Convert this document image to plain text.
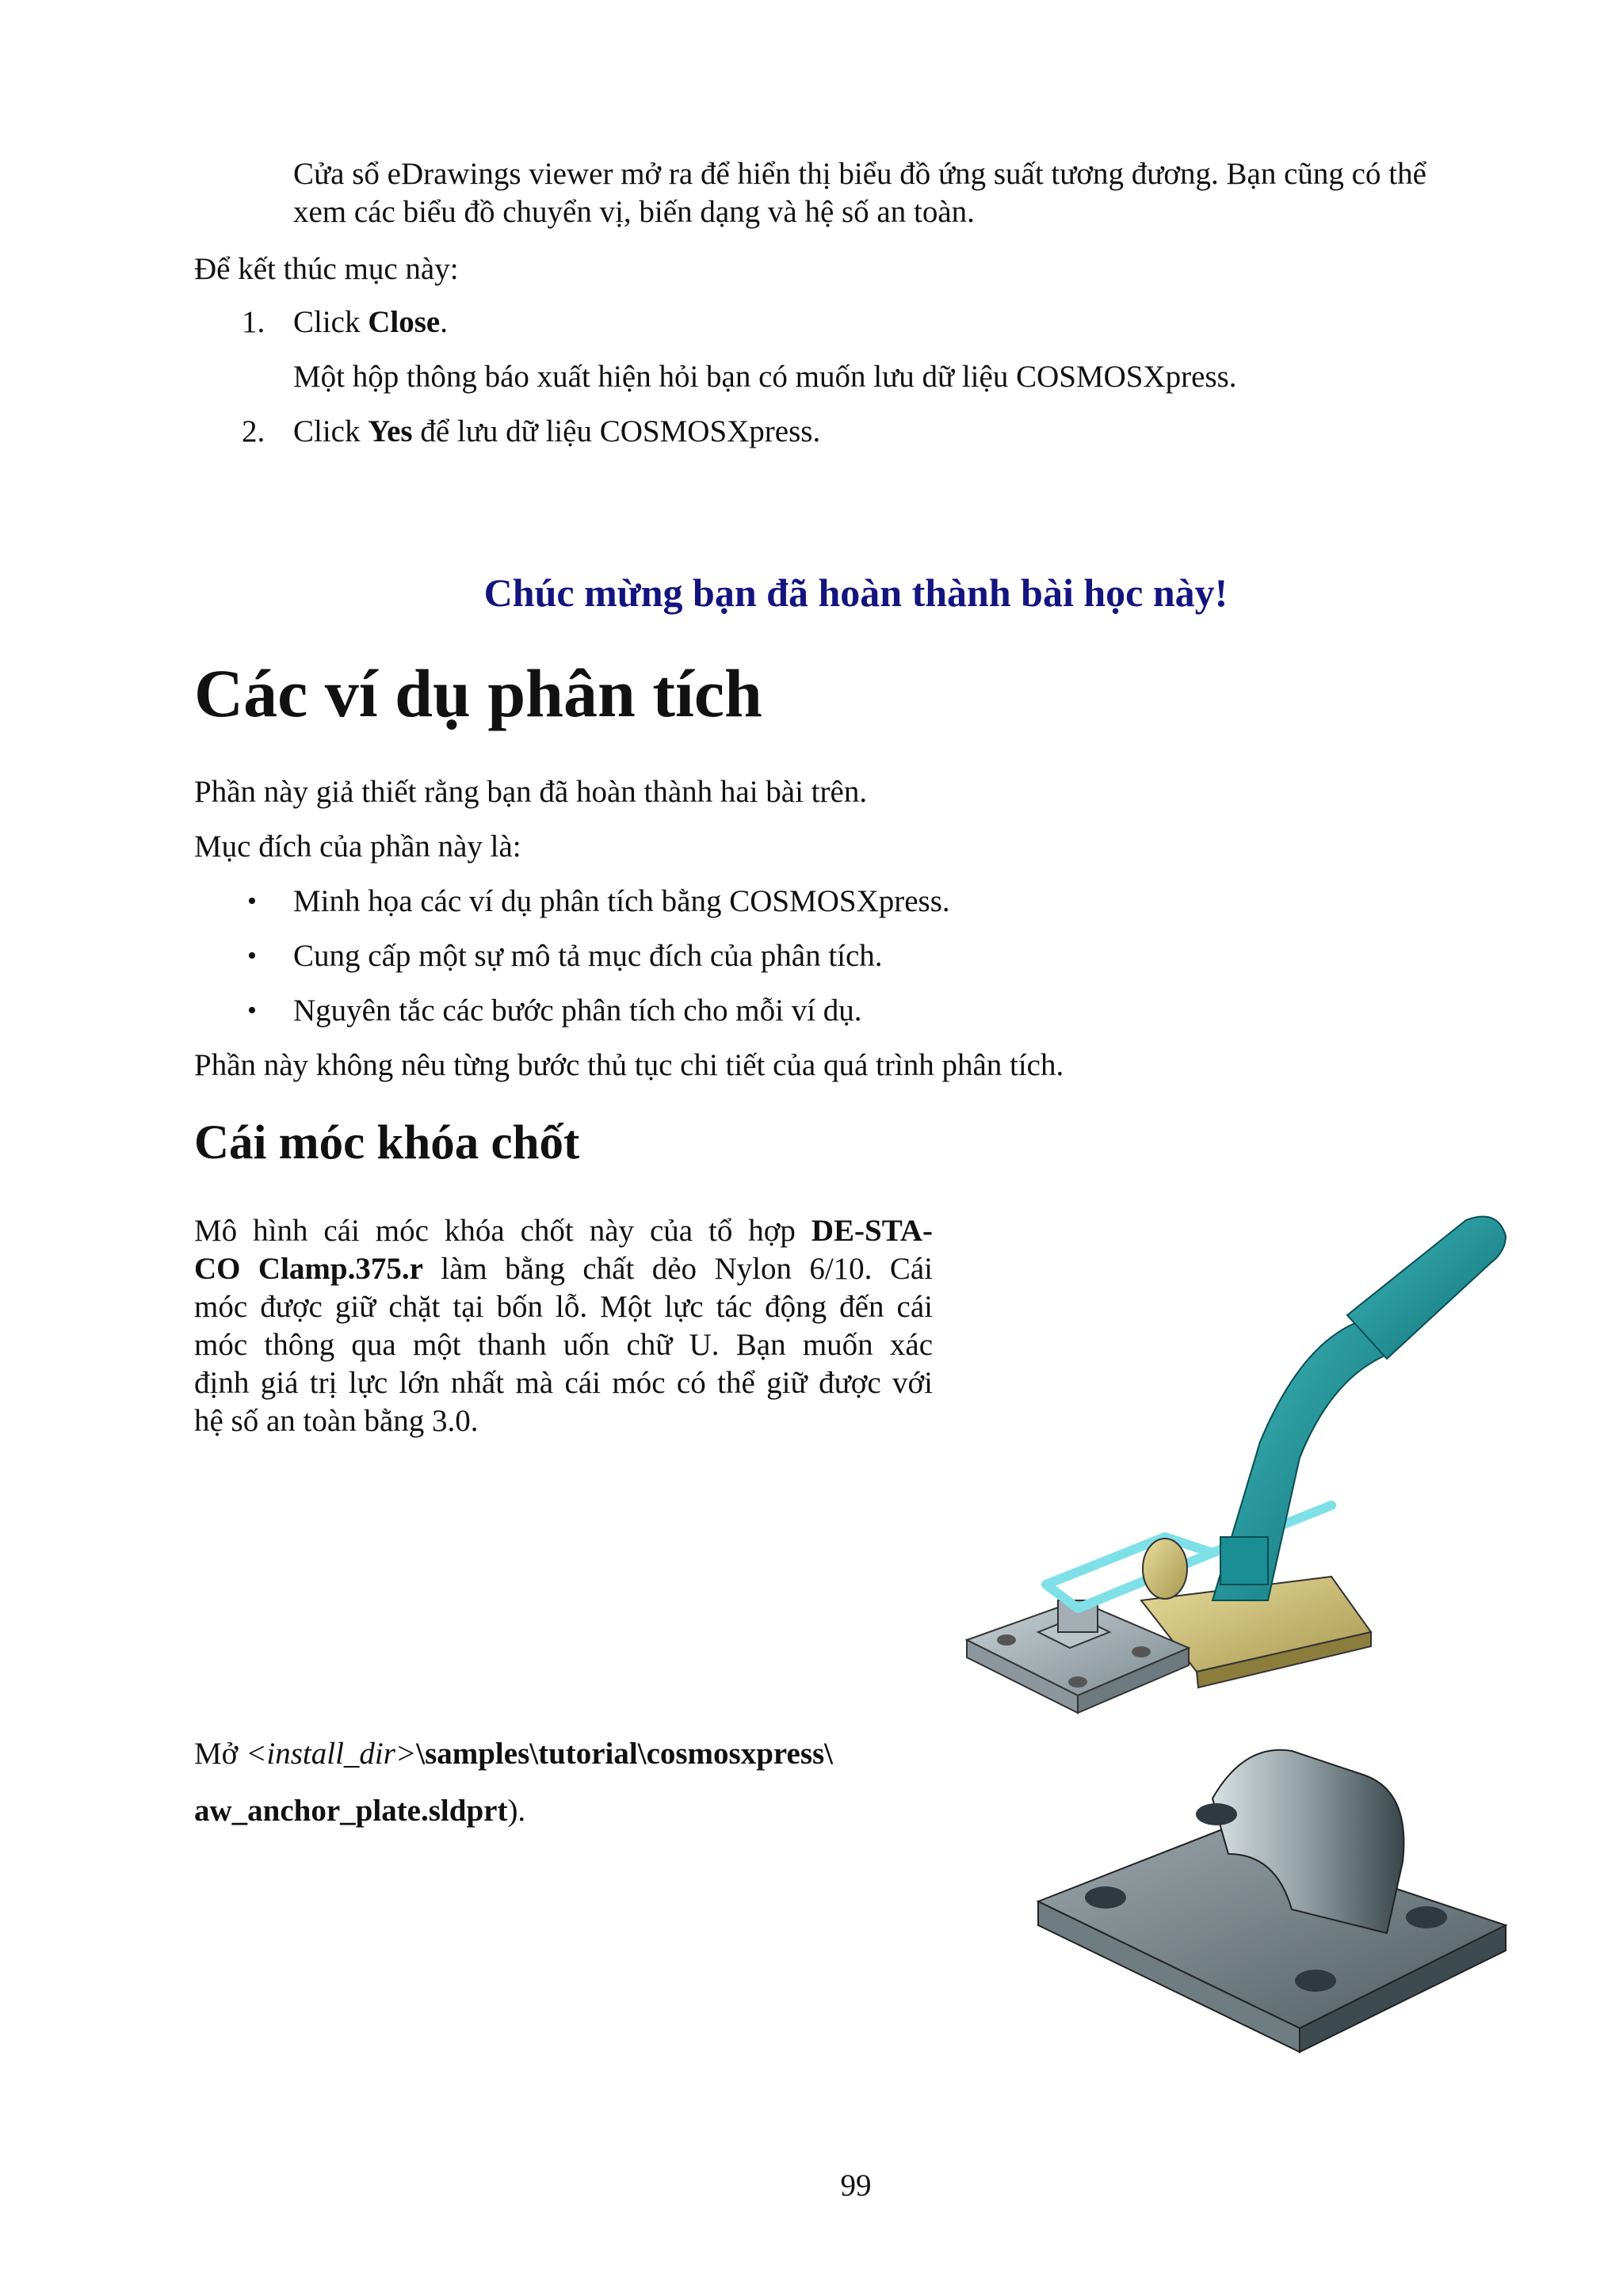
Cửa sổ eDrawings viewer mở ra để hiển thị biểu đồ ứng suất tương đương. Bạn cũng có thể

xem các biểu đồ chuyển vị, biến dạng và hệ số an toàn.

Để kết thúc mục này:

1. Click Close.

Một hộp thông báo xuất hiện hỏi bạn có muốn lưu dữ liệu COSMOSXpress.

2. Click Yes để lưu dữ liệu COSMOSXpress.

Chúc mừng bạn đã hoàn thành bài học này!
Các ví dụ phân tích

Phần này giả thiết rằng bạn đã hoàn thành hai bài trên.

Mục đích của phần này là:

• Minh họa các ví dụ phân tích bằng COSMOSXpress.

• Cung cấp một sự mô tả mục đích của phân tích.

• Nguyên tắc các bước phân tích cho mỗi ví dụ.

Phần này không nêu từng bước thủ tục chi tiết của quá trình phân tích.

Cái móc khóa chốt

Mô hình cái móc khóa chốt này của tổ hợp DE-STA-

CO Clamp.375.r làm bằng chất dẻo Nylon 6/10. Cái

móc được giữ chặt tại bốn lỗ. Một lực tác động đến cái

móc thông qua một thanh uốn chữ U. Bạn muốn xác

định giá trị lực lớn nhất mà cái móc có thể giữ được với

hệ số an toàn bằng 3.0.

Mở <install_dir>\samples\tutorial\cosmosxpress\

aw_anchor_plate.sldprt).

99
